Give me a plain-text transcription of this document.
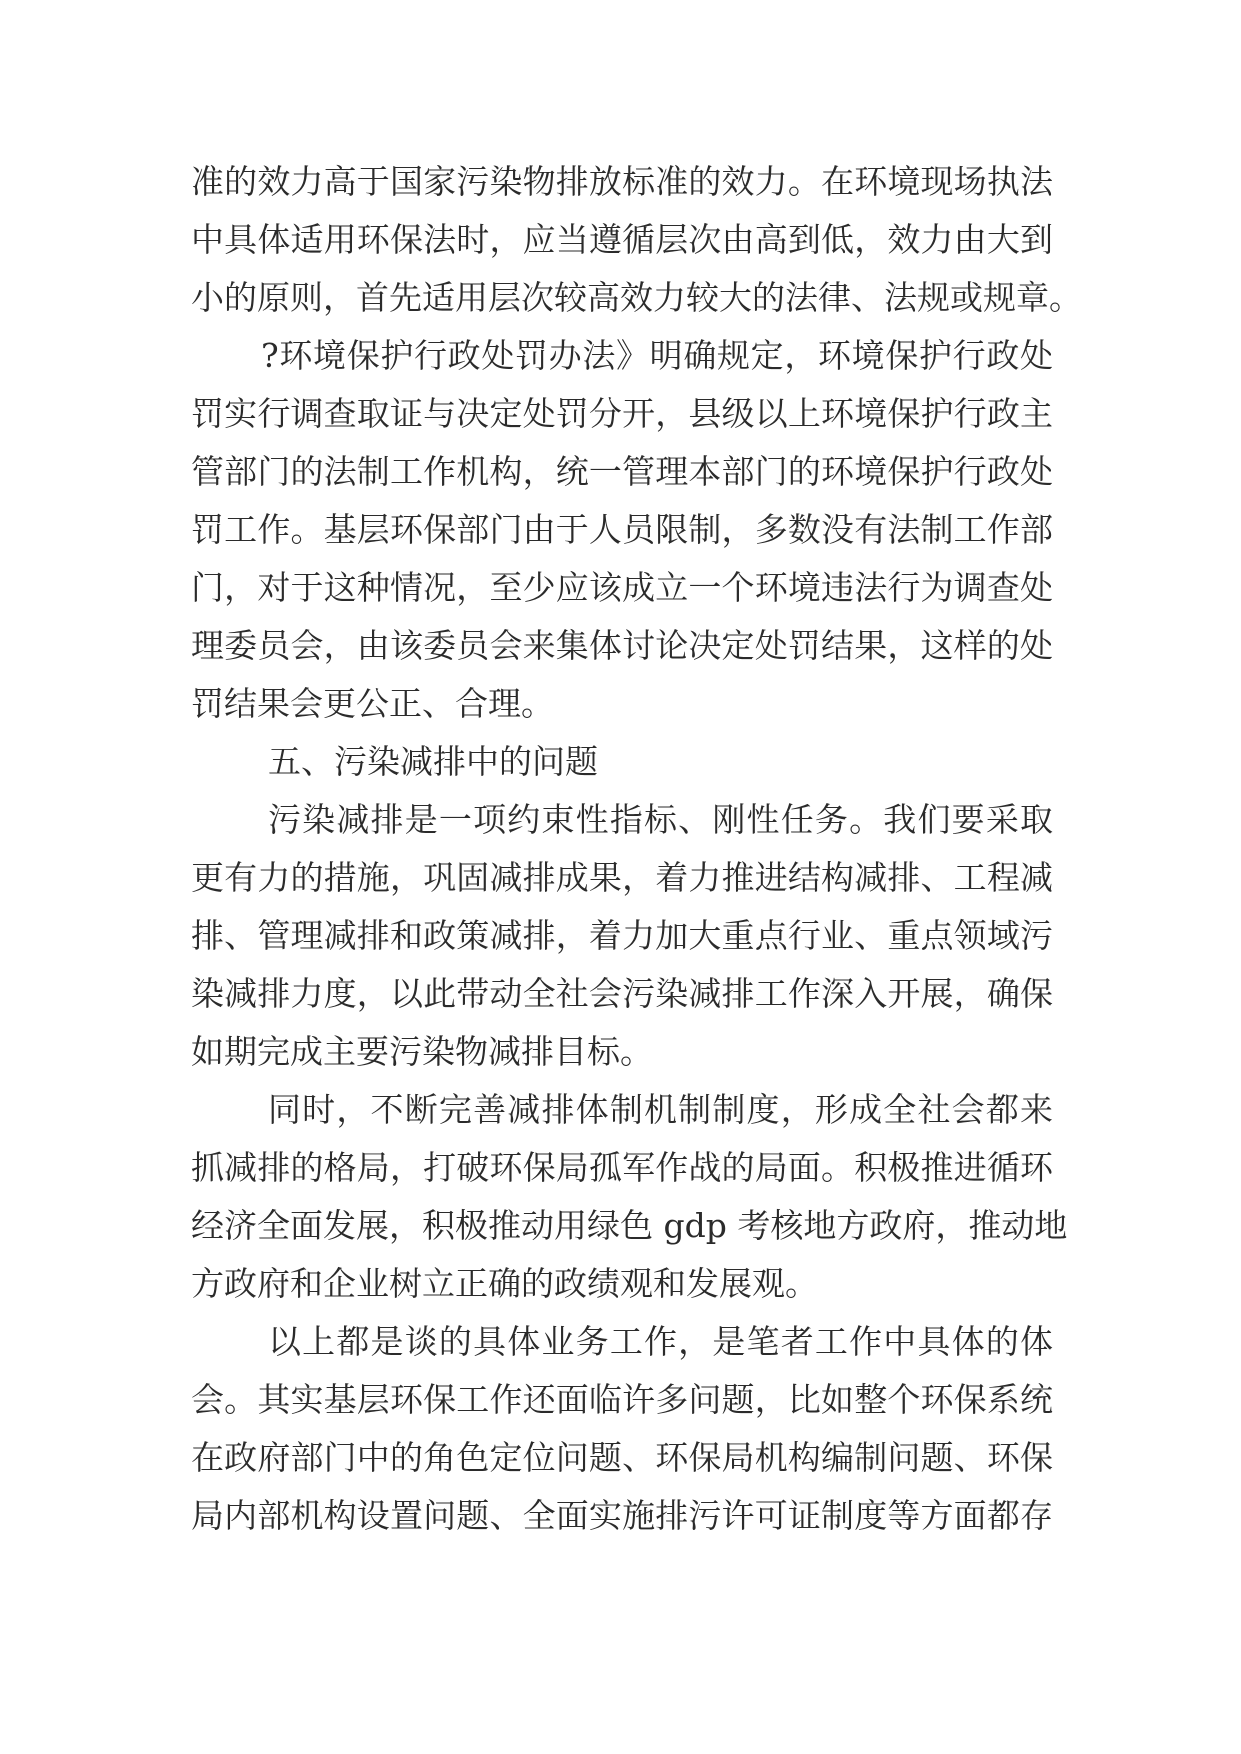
准的效力高于国家污染物排放标准的效力。在环境现场执法
中具体适用环保法时，应当遵循层次由高到低，效力由大到
小的原则，首先适用层次较高效力较大的法律、法规或规章。
?环境保护行政处罚办法》明确规定，环境保护行政处
罚实行调查取证与决定处罚分开，县级以上环境保护行政主
管部门的法制工作机构，统一管理本部门的环境保护行政处
罚工作。基层环保部门由于人员限制，多数没有法制工作部
门，对于这种情况，至少应该成立一个环境违法行为调查处
理委员会，由该委员会来集体讨论决定处罚结果，这样的处
罚结果会更公正、合理。
五、污染减排中的问题
污染减排是一项约束性指标、刚性任务。我们要采取
更有力的措施，巩固减排成果，着力推进结构减排、工程减
排、管理减排和政策减排，着力加大重点行业、重点领域污
染减排力度，以此带动全社会污染减排工作深入开展，确保
如期完成主要污染物减排目标。
同时，不断完善减排体制机制制度，形成全社会都来
抓减排的格局，打破环保局孤军作战的局面。积极推进循环
经济全面发展，积极推动用绿色 gdp 考核地方政府，推动地
方政府和企业树立正确的政绩观和发展观。
以上都是谈的具体业务工作，是笔者工作中具体的体
会。其实基层环保工作还面临许多问题，比如整个环保系统
在政府部门中的角色定位问题、环保局机构编制问题、环保
局内部机构设置问题、全面实施排污许可证制度等方面都存
